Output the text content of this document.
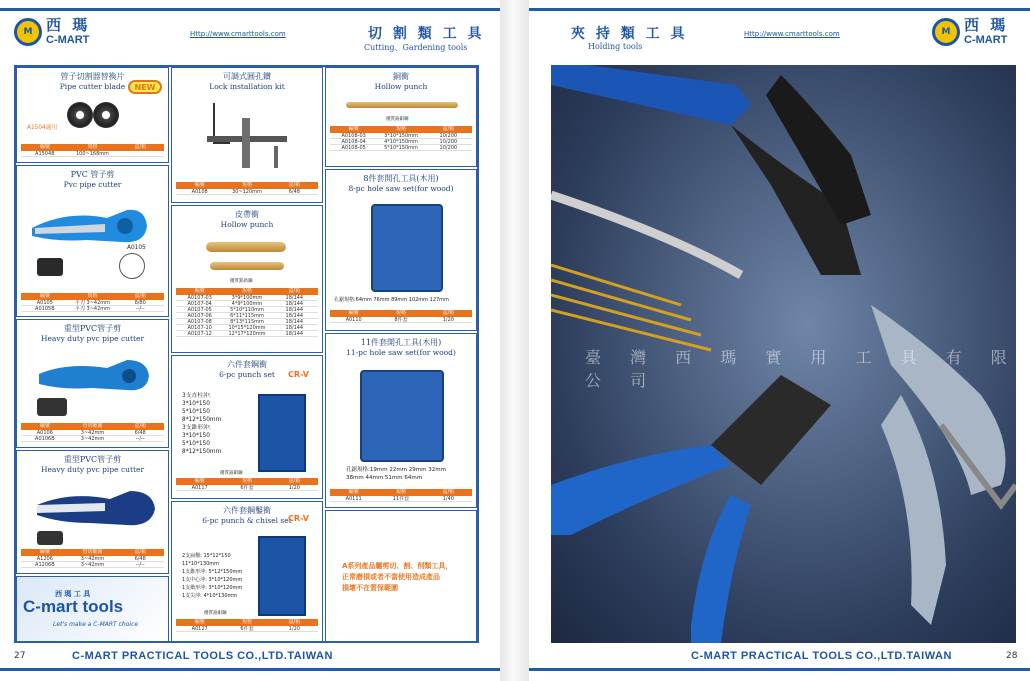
M 西 瑪
C-MART	Http://www.cmarttools.com	切 割 類 工 具
Cutting、Gardening tools
管子切割器替換片
Pipe cutter blade	NEW
A1504適用
編號	規格	盒/箱
A1504B	100~168mm
PVC 管子剪
Pvc pipe cutter
A0105
編號	規格	盒/箱
A0105	平刃 3~42mm	8/80
A0105B	平刃 3~42mm	--/--
重型PVC管子剪
Heavy duty pvc pipe cutter
編號	管切範圍	盒/箱
A0106	3~42mm	6/48
A0106B	3~42mm	--/--
重型PVC管子剪
Heavy duty pvc pipe cutter
編號	管切範圍	盒/箱
A1206	3~42mm	6/48
A1206B	3~42mm	--/--
西 瑪 工 具
C-mart tools
Let's make a C-MART choice
可調式圓孔鑽
Lock installation kit
編號	規格	盒/箱
A0108	30~120mm	6/48
皮帶衝
Hollow punch
優質銘新鋼
編號	規格	盒/箱
A0107-03	3*9*100mm	18/144
A0107-04	4*9*100mm	18/144
A0107-05	5*10*110mm	18/144
A0107-06	6*11*115mm	18/144
A0107-08	8*13*115mm	18/144
A0107-10	10*15*120mm	18/144
A0107-12	12*17*120mm	18/144
六件套鋼衝
6-pc punch set	CR-V
3支直柱沖:
3*10*150
5*10*150
8*12*150mm
3支錐形沖:
3*10*150
5*10*150
8*12*150mm
優質鉻鉬鋼
編號	規格	盒/箱
A0117	6件套	1/20
六件套鋼鑿衝
6-pc punch & chisel set
CR-V
2支扁鑿: 15*12*150
11*10*130mm
1支錐形沖: 5*12*150mm
1支中心沖: 3*10*120mm
1支衝形沖: 3*10*120mm
1支尖沖: 4*10*130mm
優質鉻鉬鋼
編號	規格	盒/箱
A0127	6件套	1/20
銅衝
Hollow punch
優質鉻鉬鋼
編號	規格	盒/箱
A0108-03	3*10*150mm	10/200
A0108-04	4*10*150mm	10/200
A0108-05	5*10*150mm	10/200
8件套開孔工具(木用)
8-pc hole saw set(for wood)
孔鋸規格:64mm 76mm 89mm 102mm 127mm
編號	規格	盒/箱
A0110	8件套	1/20
11件套開孔工具(木用)
11-pc hole saw set(for wood)
孔鋸規格:19mm 22mm 29mm 32mm
38mm 44mm 51mm 64mm
編號	規格	盒/箱
A0111	11件套	1/40
A系列產品屬剪切、割、削類工具，
正常磨損或者不當使用造成產品
損壞不在質保範圍
27	C-MART PRACTICAL TOOLS CO.,LTD.TAIWAN
夾 持 類 工 具
Holding tools
Http://www.cmarttools.com	M 西 瑪
C-MART
臺 灣 西 瑪 實 用 工 具 有 限 公 司
C-MART PRACTICAL TOOLS CO.,LTD.TAIWAN	28
